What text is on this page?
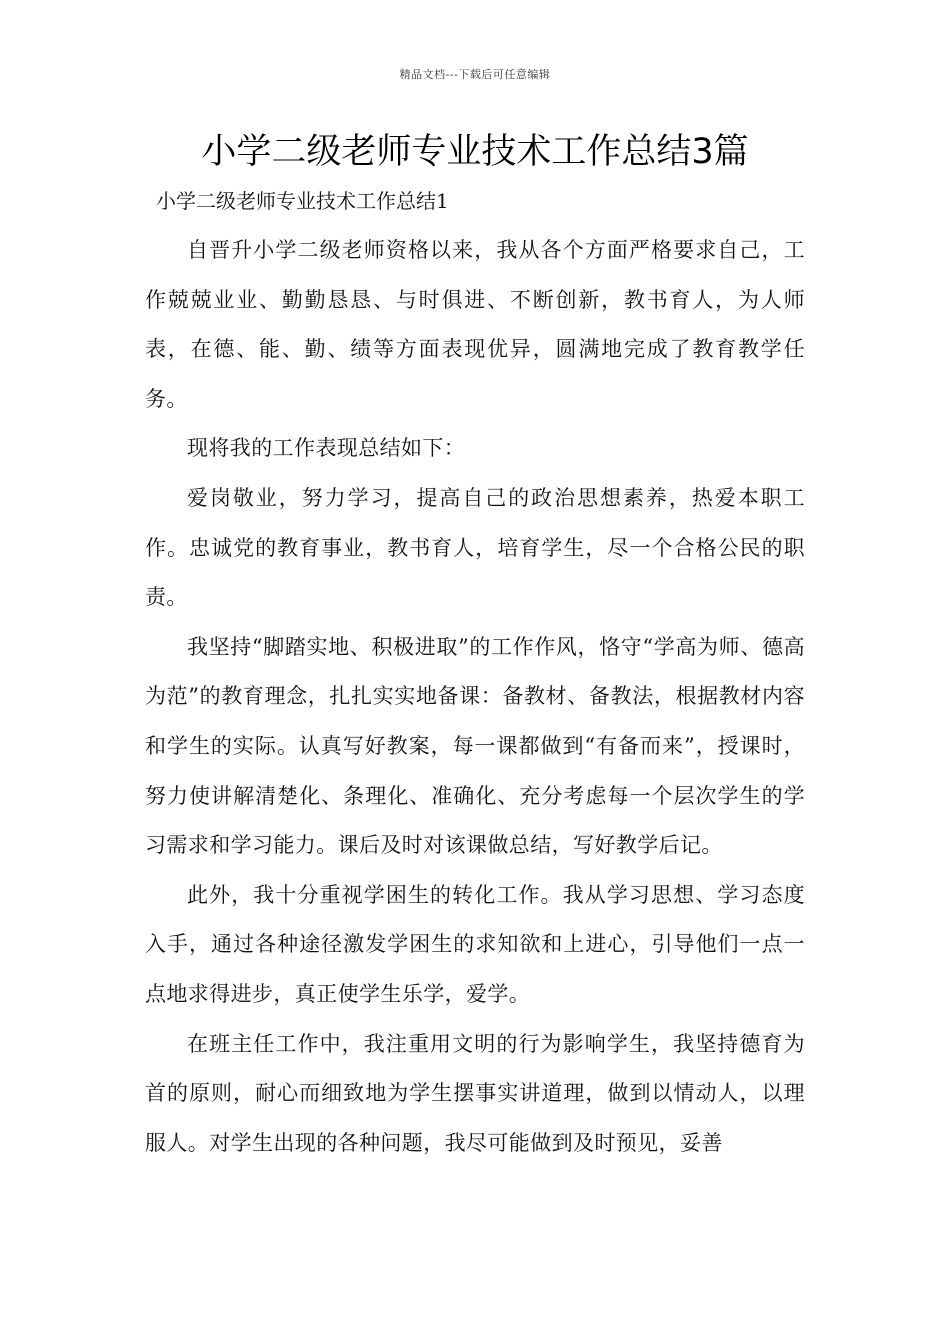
精品文档---下载后可任意编辑
小学二级老师专业技术工作总结3篇
小学二级老师专业技术工作总结1

自晋升小学二级老师资格以来，我从各个方面严格要求自己，工作兢兢业业、勤勤恳恳、与时俱进、不断创新，教书育人，为人师表，在德、能、勤、绩等方面表现优异，圆满地完成了教育教学任务。

现将我的工作表现总结如下：

爱岗敬业，努力学习，提高自己的政治思想素养，热爱本职工作。忠诚党的教育事业，教书育人，培育学生，尽一个合格公民的职责。

我坚持“脚踏实地、积极进取”的工作作风，恪守“学高为师、德高为范”的教育理念，扎扎实实地备课：备教材、备教法，根据教材内容和学生的实际。认真写好教案，每一课都做到“有备而来”，授课时，努力使讲解清楚化、条理化、准确化、充分考虑每一个层次学生的学习需求和学习能力。课后及时对该课做总结，写好教学后记。

此外，我十分重视学困生的转化工作。我从学习思想、学习态度入手，通过各种途径激发学困生的求知欲和上进心，引导他们一点一点地求得进步，真正使学生乐学，爱学。

在班主任工作中，我注重用文明的行为影响学生，我坚持德育为首的原则，耐心而细致地为学生摆事实讲道理，做到以情动人，以理服人。对学生出现的各种问题，我尽可能做到及时预见，妥善
